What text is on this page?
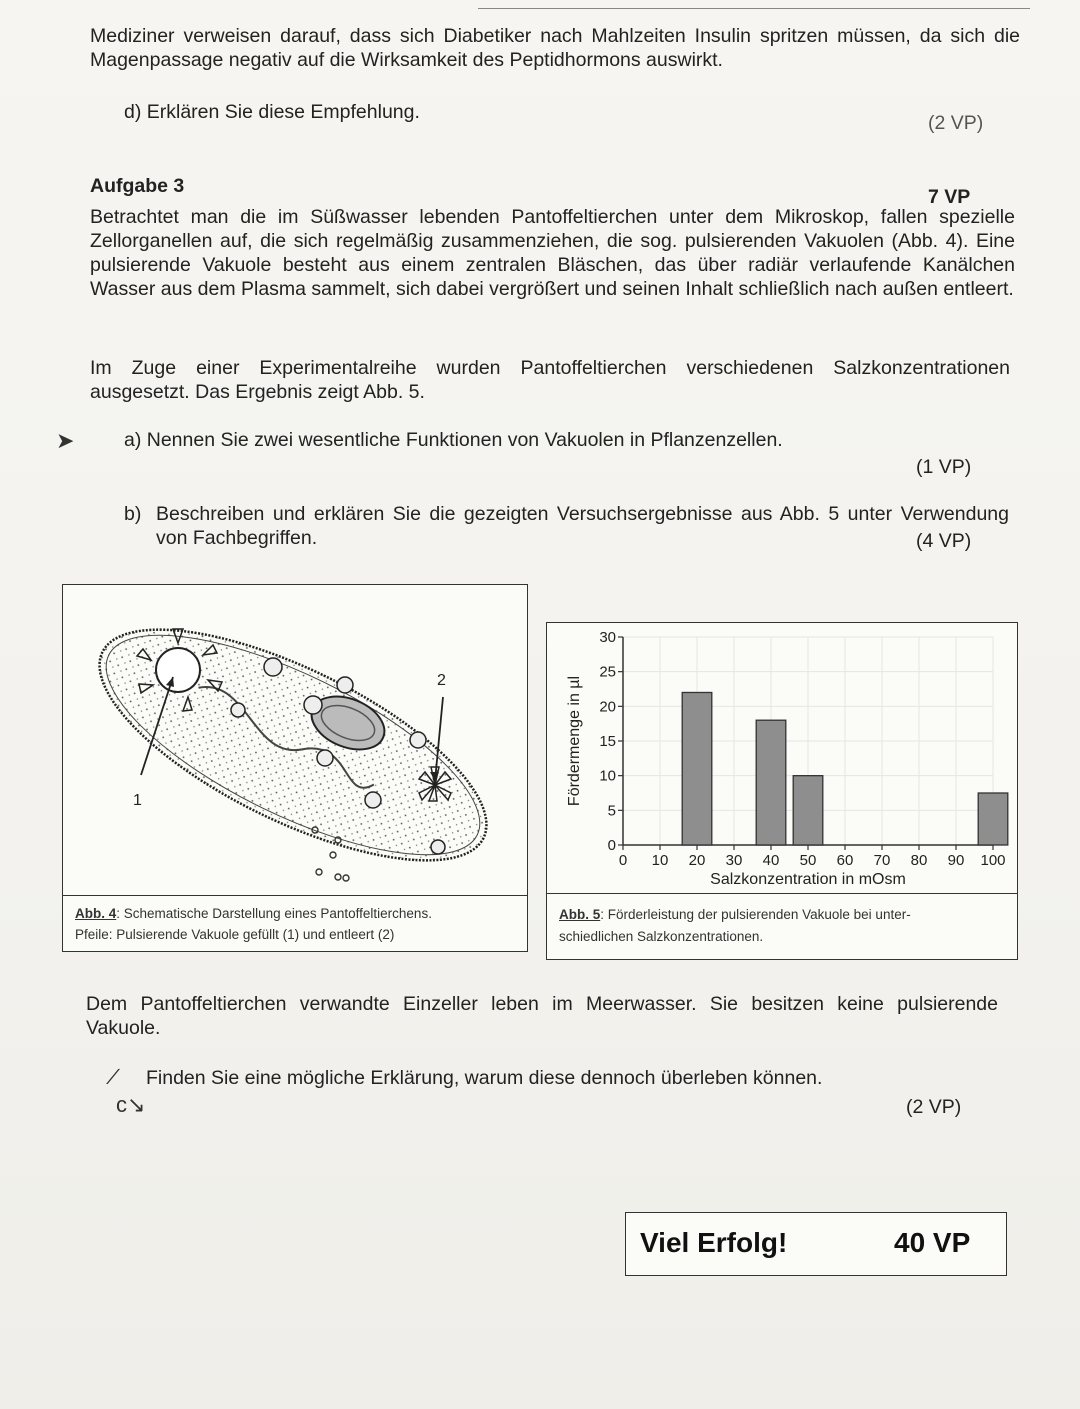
Mediziner verweisen darauf, dass sich Diabetiker nach Mahlzeiten Insulin spritzen müssen, da sich die Magenpassage negativ auf die Wirksamkeit des Peptidhormons auswirkt.

d) Erklären Sie diese Empfehlung.	(2 VP)

Aufgabe 3	7 VP

Betrachtet man die im Süßwasser lebenden Pantoffeltierchen unter dem Mikroskop, fallen spezielle Zellorganellen auf, die sich regelmäßig zusammenziehen, die sog. pulsierenden Vakuolen (Abb. 4). Eine pulsierende Vakuole besteht aus einem zentralen Bläschen, das über radiär verlaufende Kanälchen Wasser aus dem Plasma sammelt, sich dabei vergrößert und seinen Inhalt schließlich nach außen entleert.

Im Zuge einer Experimentalreihe wurden Pantoffeltierchen verschiedenen Salzkonzentrationen ausgesetzt. Das Ergebnis zeigt Abb. 5.

➤	a) Nennen Sie zwei wesentliche Funktionen von Vakuolen in Pflanzenzellen.

(1 VP)

b) Beschreiben und erklären Sie die gezeigten Versuchsergebnisse aus Abb. 5 unter Verwendung von Fachbegriffen.	(4 VP)
1
2
Abb. 4: Schematische Darstellung eines Pantoffeltierchens.
Pfeile: Pulsierende Vakuole gefüllt (1) und entleert (2)
0
5
10
15
20
25
30
0 10 20 30 40 50 60 70 80 90 100
Salzkonzentration in mOsm
Fördermenge in µl
Abb. 5: Förderleistung der pulsierenden Vakuole bei unter-
schiedlichen Salzkonzentrationen.

Dem Pantoffeltierchen verwandte Einzeller leben im Meerwasser. Sie besitzen keine pulsierende Vakuole.

∕ Finden Sie eine mögliche Erklärung, warum diese dennoch überleben können.

c↘	(2 VP)
Viel Erfolg!	40 VP
